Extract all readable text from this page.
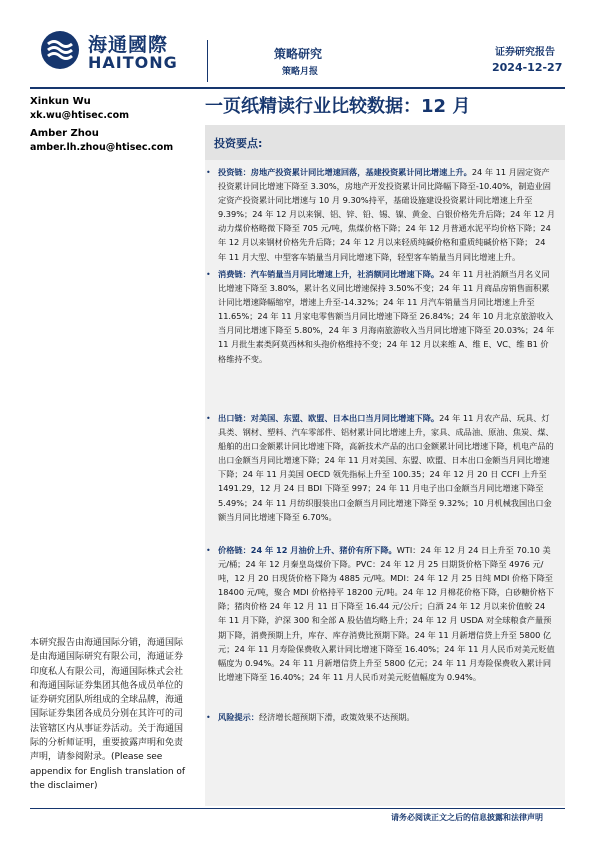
海通國際
HAITONG	策略研究
策略月报
证券研究报告
2024-12-27
Xinkun Wu
xk.wu@htisec.com
Amber Zhou
amber.lh.zhou@htisec.com
一页纸精读行业比较数据：12 月
投资要点:
• 投资链：房地产投资累计同比增速回落，基建投资累计同比增速上升。24 年 11 月固定资产投资累计同比增速下降至 3.30%，房地产开发投资累计同比降幅下降至-10.40%，制造业固定资产投资累计同比增速与 10 月 9.30%持平，基础设施建设投资累计同比增速上升至 9.39%；24 年 12 月以来铜、铝、锌、铅、锡、镍、黄金、白银价格先升后降；24 年 12 月动力煤价格略微下降至 705 元/吨，焦煤价格下降；24 年 12 月普通水泥平均价格下降；24 年 12 月以来钢材价格先升后降；24 年 12 月以来轻质纯碱价格和重质纯碱价格下降； 24 年 11 月大型、中型客车销量当月同比增速下降，轻型客车销量当月同比增速上升。
• 消费链：汽车销量当月同比增速上升，社消额同比增速下降。24 年 11 月社消额当月名义同比增速下降至 3.80%，累计名义同比增速保持 3.50%不变；24 年 11 月商品房销售面积累计同比增速降幅缩窄，增速上升至-14.32%；24 年 11 月汽车销量当月同比增速上升至 11.65%；24 年 11 月家电零售额当月同比增速下降至 26.84%；24 年 10 月北京旅游收入当月同比增速下降至 5.80%，24 年 3 月海南旅游收入当月同比增速下降至 20.03%；24 年 11 月批生素类阿莫西林和头孢价格维持不变；24 年 12 月以来维 A、维 E、VC、维 B1 价格维持不变。
• 出口链：对美国、东盟、欧盟、日本出口当月同比增速下降。24 年 11 月农产品、玩具、灯具类、钢材、塑料、汽车零部件、铝材累计同比增速上升，家具、成品油、原油、焦炭、煤、船舶的出口金额累计同比增速下降，高新技术产品的出口金额累计同比增速下降，机电产品的出口金额当月同比增速下降；24 年 11 月对美国、东盟、欧盟、日本出口金额当月同比增速下降；24 年 11 月美国 OECD 领先指标上升至 100.35；24 年 12 月 20 日 CCFI 上升至 1491.29，12 月 24 日 BDI 下降至 997；24 年 11 月电子出口金额当月同比增速下降至 5.49%；24 年 11 月纺织服装出口金额当月同比增速下降至 9.32%；10 月机械我国出口金额当月同比增速下降至 6.70%。
• 价格链：24 年 12 月油价上升、猪价有所下降。WTI：24 年 12 月 24 日上升至 70.10 美元/桶；24 年 12 月秦皇岛煤价下降。PVC：24 年 12 月 25 日期货价格下降至 4976 元/吨，12 月 20 日现货价格下降为 4885 元/吨。MDI：24 年 12 月 25 日纯 MDI 价格下降至 18400 元/吨，聚合 MDI 价格持平 18200 元/吨。24 年 12 月棉花价格下降，白砂糖价格下降；猪肉价格 24 年 12 月 11 日下降至 16.44 元/公斤；白酒 24 年 12 月以来价值較 24 年 11 月下降，沪深 300 和全部 A 股估值均略上升；24 年 12 月 USDA 对全球粮食产量预期下降，消费预期上升，库存、库存消费比预期下降。24 年 11 月新增信贷上升至 5800 亿元；24 年 11 月寿险保费收入累计同比增速下降至 16.40%；24 年 11 月人民币对美元贬值幅度为 0.94%。24 年 11 月新增信贷上升至 5800 亿元；24 年 11 月寿险保费收入累计同比增速下降至 16.40%；24 年 11 月人民币对美元贬值幅度为 0.94%。
• 风险提示：经济增长超预期下滑，政策效果不达预期。
本研究报告由海通国际分销，海通国际是由海通国际研究有限公司，海通证券印度私人有限公司，海通国际株式会社和海通国际证券集团其他各成员单位的证券研究团队所组成的全球品牌，海通国际证券集团各成员分别在其许可的司法管辖区内从事证券活动。关于海通国际的分析师证明，重要披露声明和免责声明，请参阅附录。(Please see appendix for English translation of the disclaimer)
请务必阅读正文之后的信息披露和法律声明
